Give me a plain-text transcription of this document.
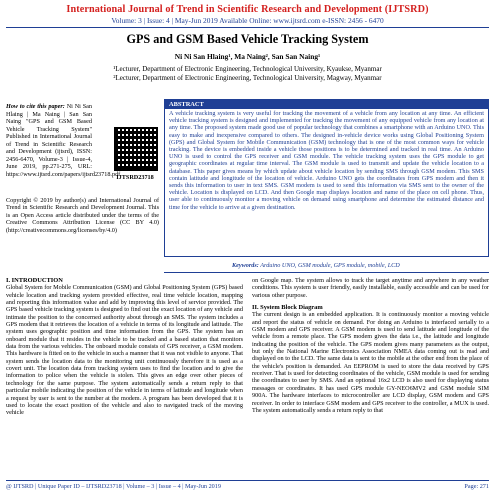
International Journal of Trend in Scientific Research and Development (IJTSRD)
Volume: 3 | Issue: 4 | May-Jun 2019 Available Online: www.ijtsrd.com e-ISSN: 2456 - 6470
GPS and GSM Based Vehicle Tracking System
Ni Ni San Hlaing¹, Ma Naing², San San Naing¹
¹Lecturer, Department of Electronic Engineering, Technological University, Kyaukse, Myanmar
²Lecturer, Department of Electronic Engineering, Technological University, Magway, Myanmar
How to cite this paper: Ni Ni San Hlaing | Ma Naing | San San Naing "GPS and GSM Based Vehicle Tracking System" Published in International Journal of Trend in Scientific Research and Development (ijtsrd), ISSN: 2456-6470, Volume-3 | Issue-4, June 2019, pp.271-275, URL: https://www.ijtsrd.com/papers/ijtsrd23718.pdf
IJTSRD23718
Copyright © 2019 by author(s) and International Journal of Trend in Scientific Research and Development Journal. This is an Open Access article distributed under the terms of the Creative Commons Attribution License (CC BY 4.0) (http://creativecommons.org/licenses/by/4.0)
ABSTRACT
A vehicle tracking system is very useful for tracking the movement of a vehicle from any location at any time. An efficient vehicle tracking system is designed and implemented for tracking the movement of any equipped vehicle from any location at any time. The proposed system made good use of popular technology that combines a smartphone with an Arduino UNO. This easy to make and inexpensive compared to others. The designed in-vehicle device works using Global Positioning System (GPS) and Global System for Mobile Communication (GSM) technology that is one of the most common ways for vehicle tracking. The device is embedded inside a vehicle those positions is to be determined and tracked in real time. An Arduino UNO is used to control the GPS receiver and GSM module. The vehicle tracking system uses the GPS module to get geographic coordinates at regular time interval. The GSM module is used to transmit and update the vehicle location to a database. This paper gives means by which update about vehicle location by sending SMS through GSM modem. This SMS contain latitude and longitude of the location of vehicle. Arduino UNO gets the coordinates from GPS modem and then it sends this information to user in text SMS. GSM modem is used to send this information via SMS sent to the owner of the vehicle. Location is displayed on LCD. And then Google map displays location and name of the place on cell phone. Thus, user able to continuously monitor a moving vehicle on demand using smartphone and determine the estimated distance and time for the vehicle to arrive at a given destination.
Keywords: Arduino UNO, GSM module, GPS module, mobile, LCD
I. INTRODUCTION
Global System for Mobile Communication (GSM) and Global Positioning System (GPS) based vehicle location and tracking system provided effective, real time vehicle location, mapping and reporting this information value and add by improving this level of service provided. The GPS based vehicle tracking system is designed to find out the exact location of any vehicle and intimate the position to the concerned authority about through an SMS. The system includes a GPS modem that it retrieves the location of a vehicle in terms of its longitude and latitude. The system uses geographic position and time information from the GPS. The system has an onboard module that it resides in the vehicle to be tracked and a based station that monitors data from the various vehicles. The onboard module consists of GPS receiver, a GSM modem. This hardware is fitted on to the vehicle in such a manner that it was not visible to anyone. That system sends the location data to the monitoring unit continuously therefore it is used as a covert unit. The location data from tracking system uses to find the location and to give the information to police when the vehicle is stolen. This gives an edge over other pieces of technology for the same purpose. The system automatically sends a return reply to that particular mobile indicating the position of the vehicle in terms of latitude and longitude when a request by user is sent to the number at the modem. A program has been developed that it is used to locate the exact position of the vehicle and also to navigated track of the moving vehicle
on Google map. The system allows to track the target anytime and anywhere in any weather conditions. This system is user friendly, easily installable, easily accessible and can be used for various other purpose.
II. System Block Diagram
The current design is an embedded application. It is continuously monitor a moving vehicle and report the status of vehicle on demand. For doing an Arduino is interfaced serially to a GSM modem and GPS receiver. A GSM modem is used to send latitude and longitude of the vehicle from a remote place. The GPS modem gives the data i.e., the latitude and longitude indicating the position of the vehicle. The GPS modem gives many parameters as the output, but only the National Marine Electronics Association NMEA data coming out is read and displayed on to the LCD. The same data is sent to the mobile at the other end from the place of the vehicle's position is demanded. An EEPROM is used to store the data received by GPS receiver. That is used for detecting coordinates of the vehicle, GSM module is used for sending the coordinates to user by SMS. And an optional 16x2 LCD is also used for displaying status messages or coordinates. It has used GPS module GY-NEO6MV2 and GSM module SIM 900A. The hardware interfaces to microcontroller are LCD display, GSM modem and GPS receiver. In order to interface GSM modem and GPS receiver to the controller, a MUX is used. The system automatically sends a return reply to that
@ IJTSRD | Unique Paper ID – IJTSRD23718 | Volume – 3 | Issue – 4 | May-Jun 2019	Page: 271
